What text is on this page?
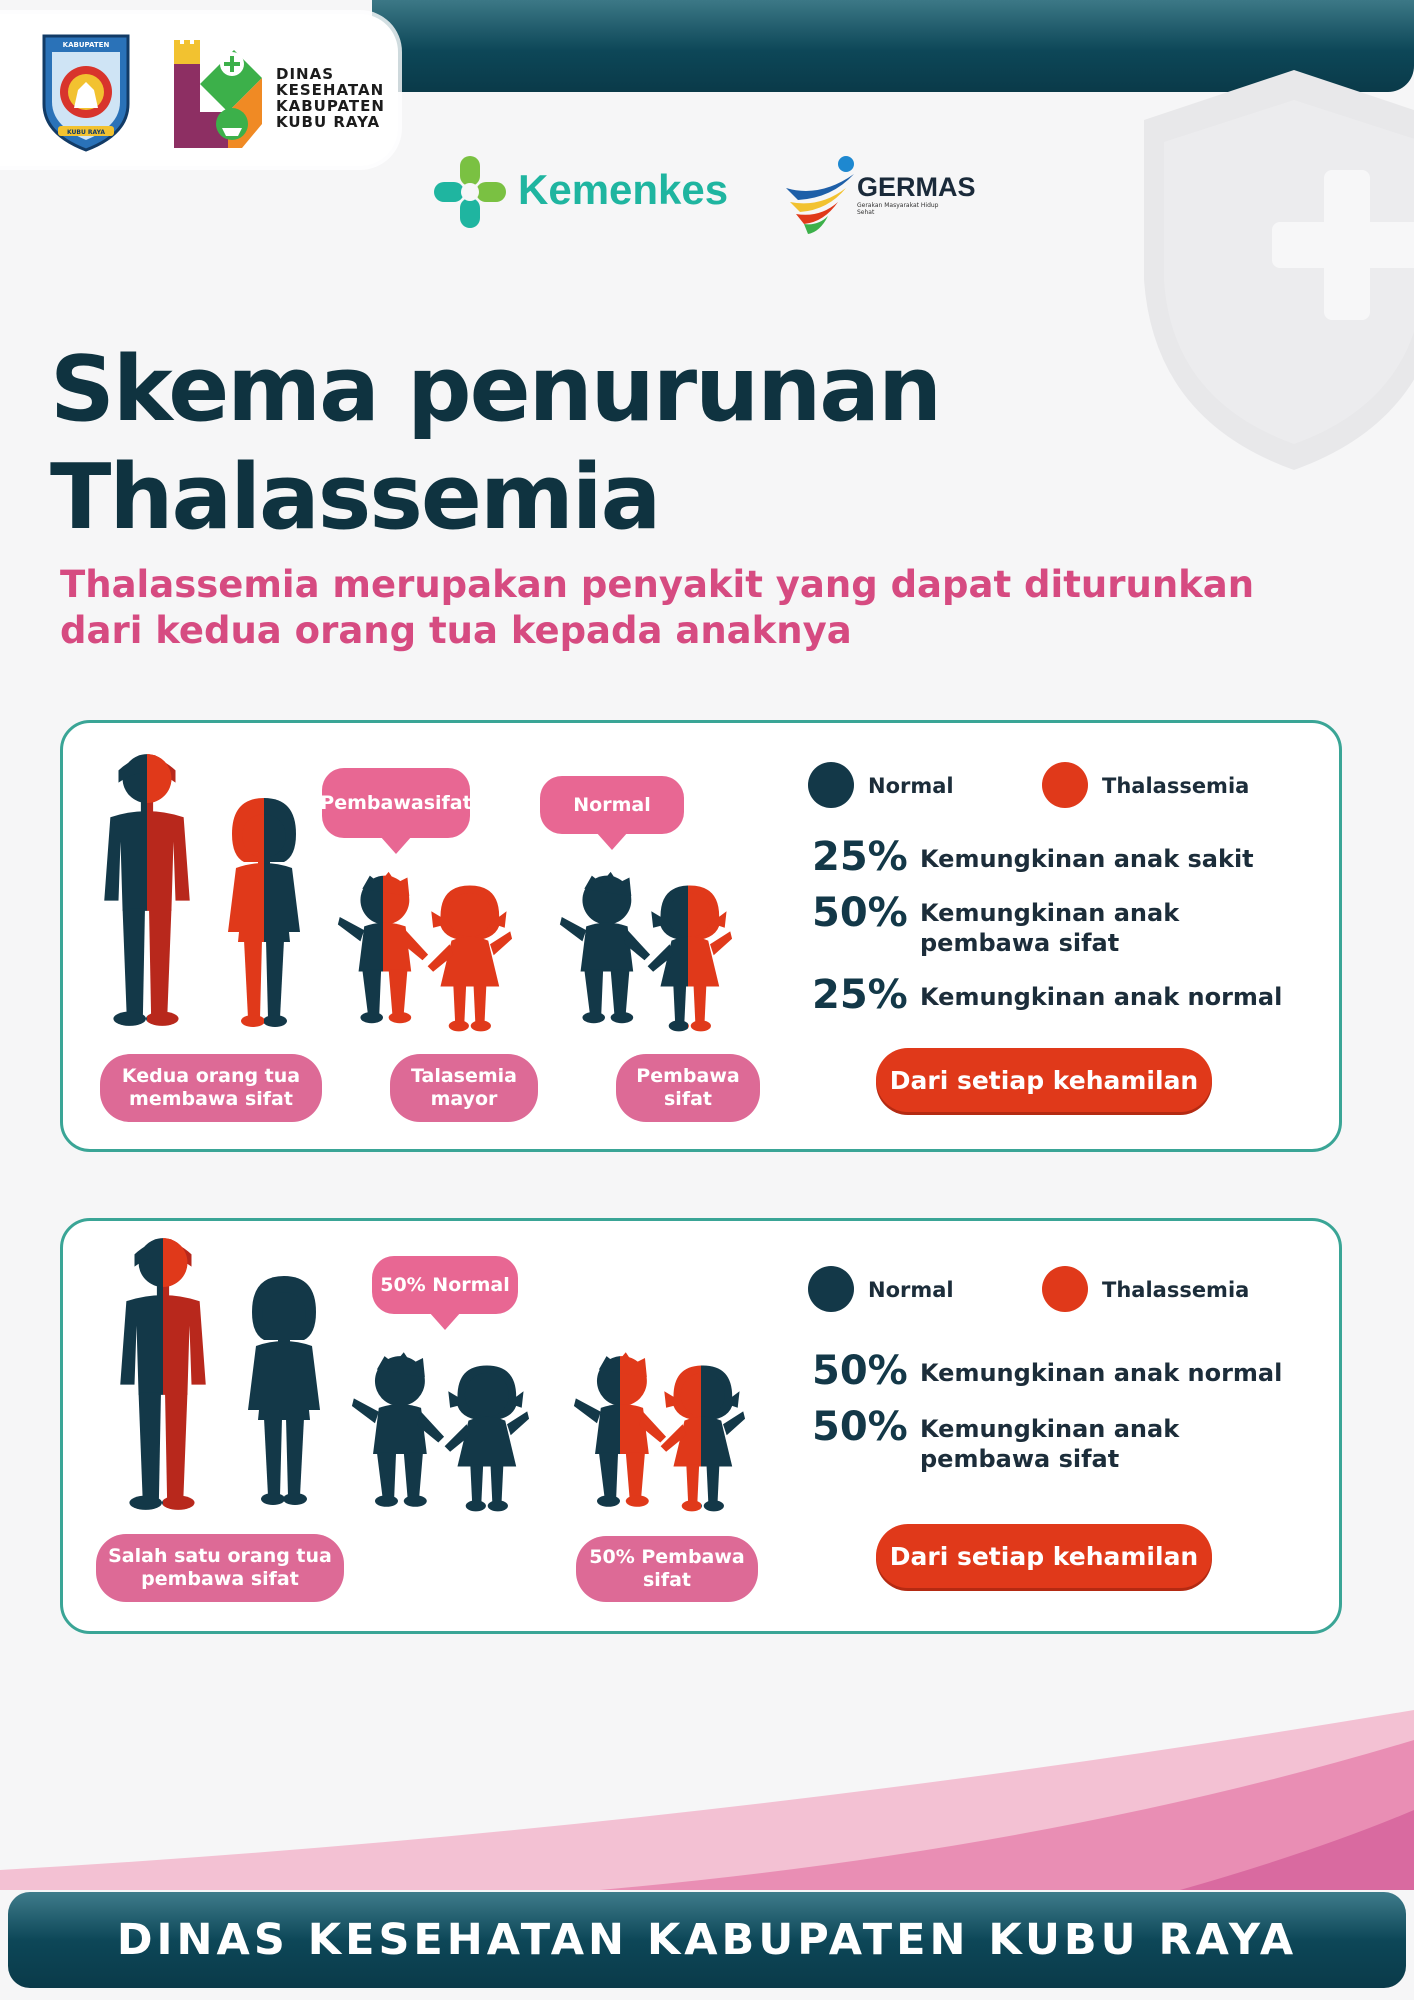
KABUPATEN
KUBU RAYA
DINAS
KESEHATAN
KABUPATEN
KUBU RAYA
Kemenkes	GERMAS
Gerakan Masyarakat Hidup Sehat
Skema penurunan
Thalassemia
Thalassemia merupakan penyakit yang dapat diturunkan
dari kedua orang tua kepada anaknya
Pembawasifat	Normal
Kedua orang tua
membawa sifat
Talasemia
mayor
Pembawa
sifat
Normal	Thalassemia
25% Kemungkinan anak sakit
50% Kemungkinan anak
pembawa sifat
25% Kemungkinan anak normal
Dari setiap kehamilan
50% Normal
Salah satu orang tua
pembawa sifat
50% Pembawa
sifat
Normal	Thalassemia
50% Kemungkinan anak normal
50% Kemungkinan anak
pembawa sifat
Dari setiap kehamilan
DINAS KESEHATAN KABUPATEN KUBU RAYA
